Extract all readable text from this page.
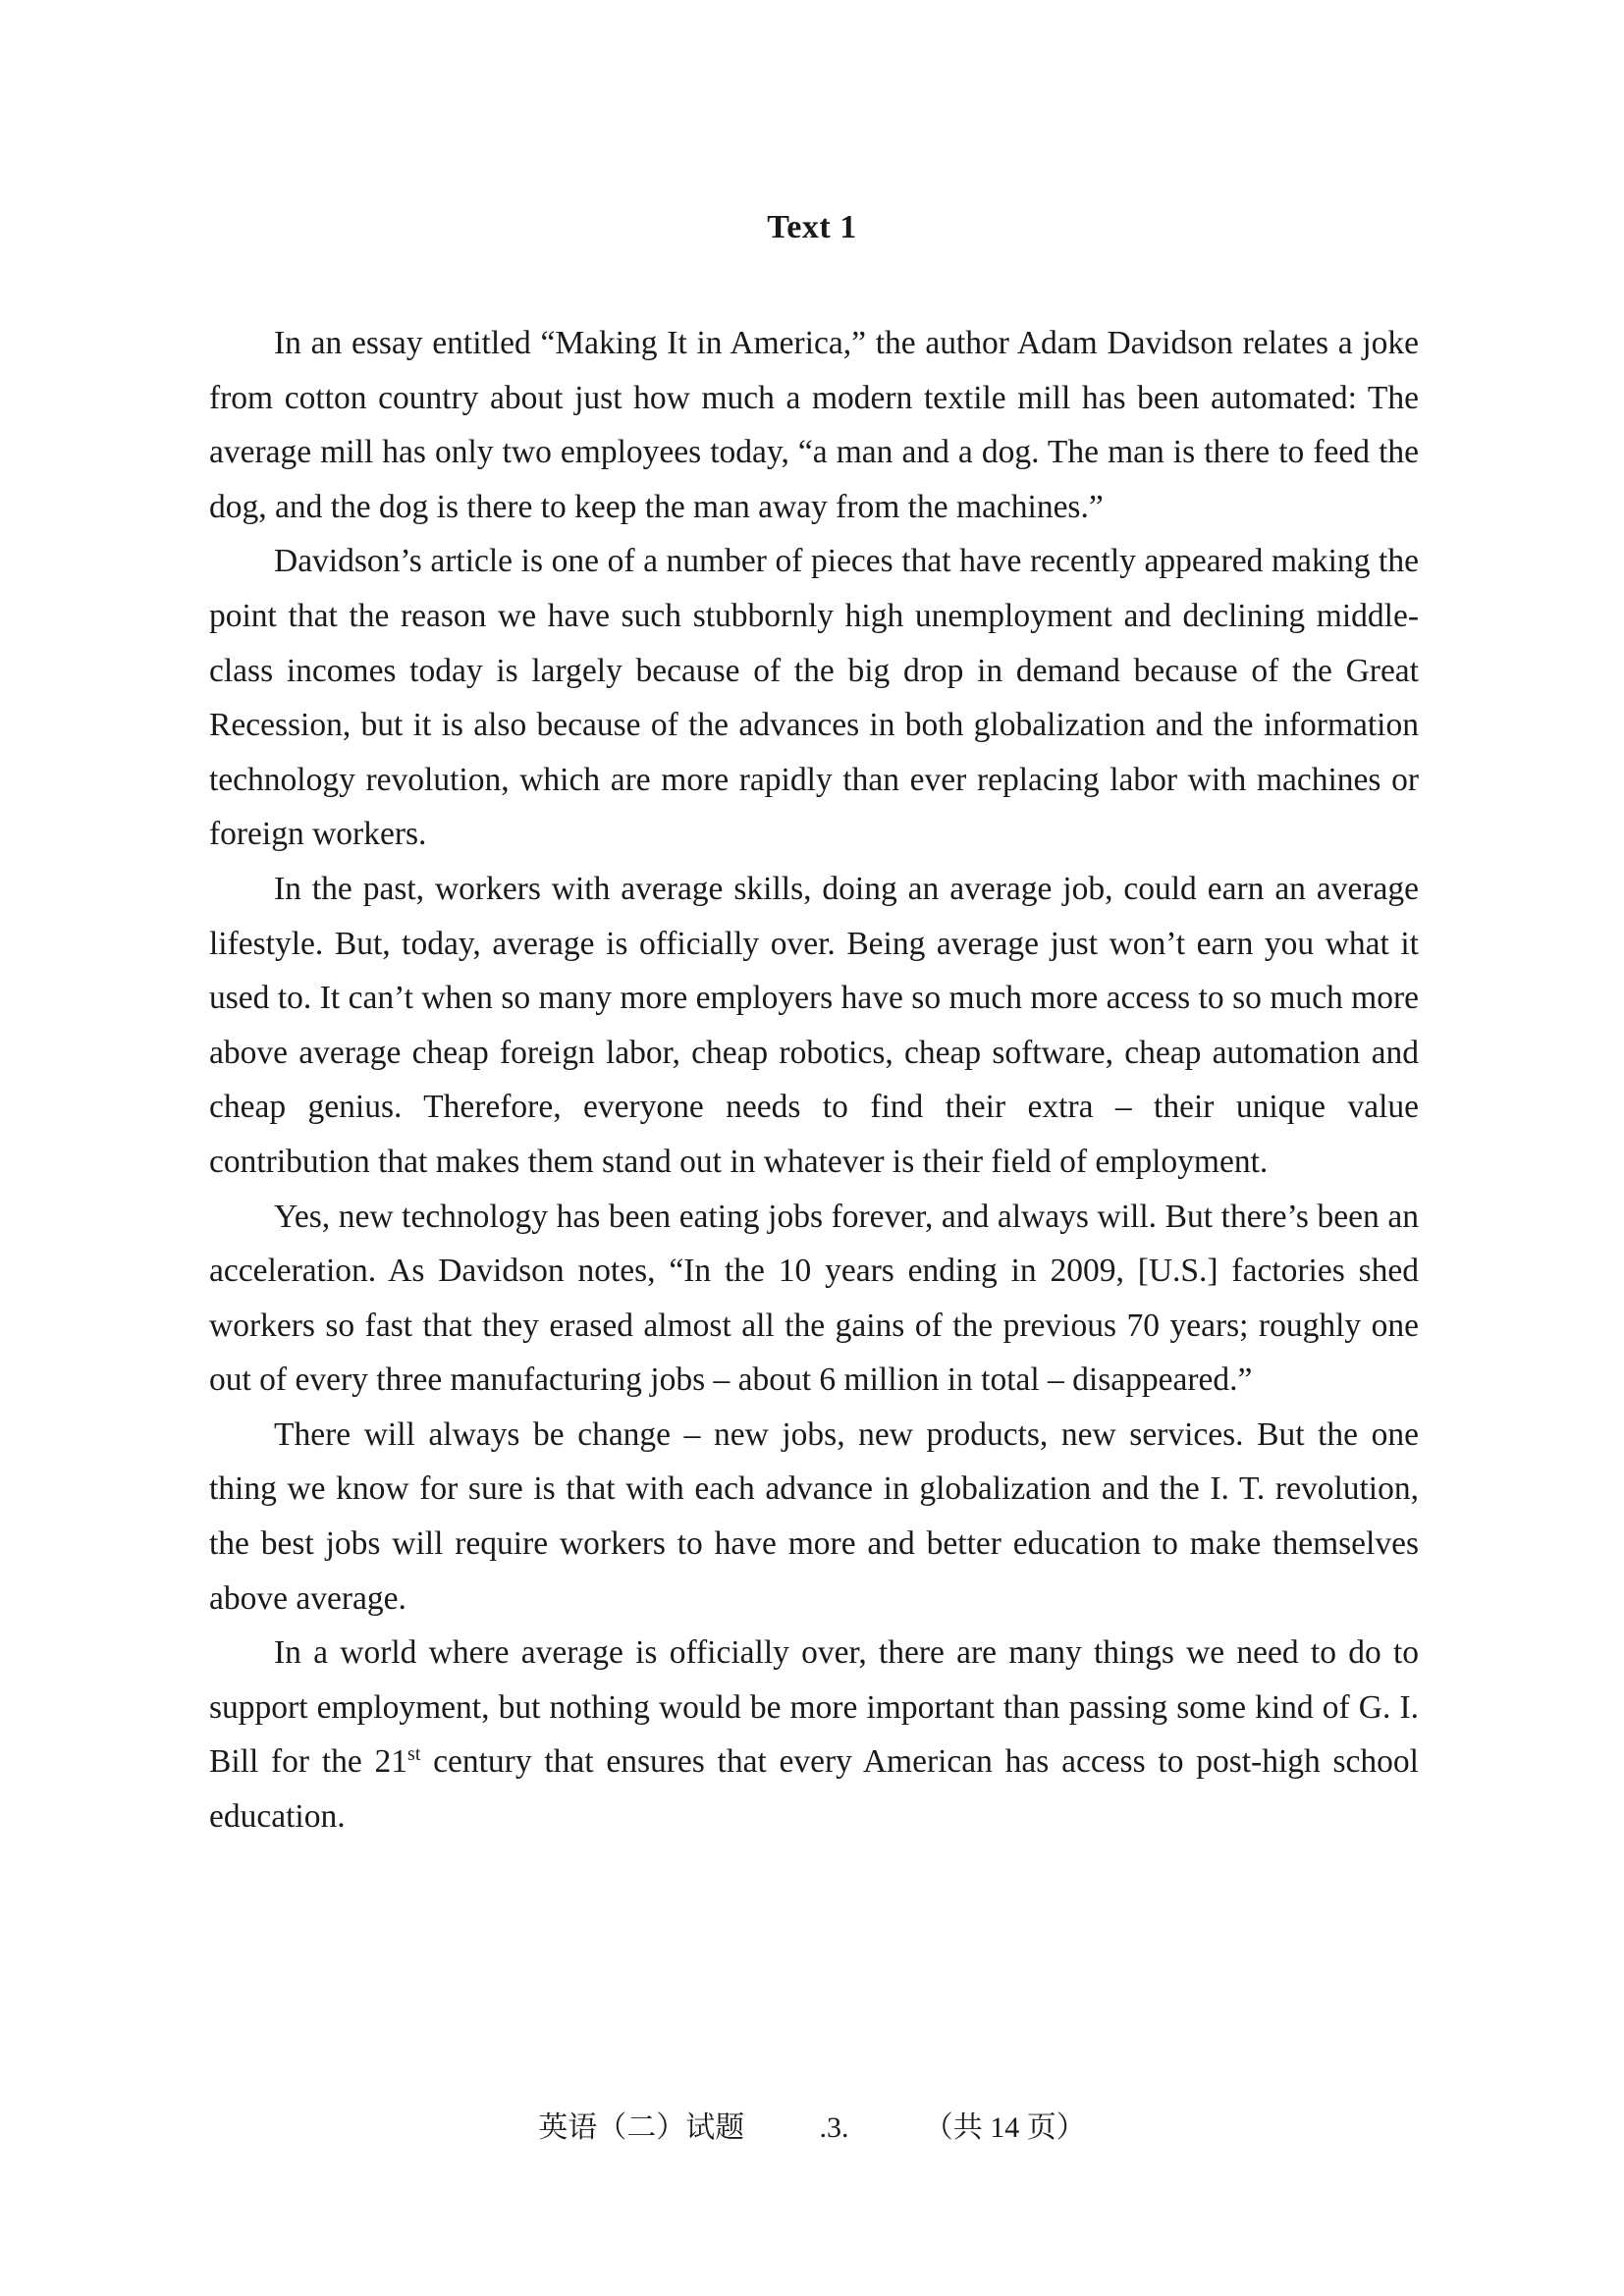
Text 1

In an essay entitled “Making It in America,” the author Adam Davidson relates a joke from cotton country about just how much a modern textile mill has been automated: The average mill has only two employees today, “a man and a dog. The man is there to feed the dog, and the dog is there to keep the man away from the machines.”

Davidson’s article is one of a number of pieces that have recently appeared making the point that the reason we have such stubbornly high unemployment and declining middle-class incomes today is largely because of the big drop in demand because of the Great Recession, but it is also because of the advances in both globalization and the information technology revolution, which are more rapidly than ever replacing labor with machines or foreign workers.

In the past, workers with average skills, doing an average job, could earn an average lifestyle. But, today, average is officially over. Being average just won’t earn you what it used to. It can’t when so many more employers have so much more access to so much more above average cheap foreign labor, cheap robotics, cheap software, cheap automation and cheap genius. Therefore, everyone needs to find their extra – their unique value contribution that makes them stand out in whatever is their field of employment.

Yes, new technology has been eating jobs forever, and always will. But there’s been an acceleration. As Davidson notes, “In the 10 years ending in 2009, [U.S.] factories shed workers so fast that they erased almost all the gains of the previous 70 years; roughly one out of every three manufacturing jobs – about 6 million in total – disappeared.”

There will always be change – new jobs, new products, new services. But the one thing we know for sure is that with each advance in globalization and the I. T. revolution, the best jobs will require workers to have more and better education to make themselves above average.

In a world where average is officially over, there are many things we need to do to support employment, but nothing would be more important than passing some kind of G. I. Bill for the 21st century that ensures that every American has access to post-high school education.

英语（二）试题	.3.	（共 14 页）
